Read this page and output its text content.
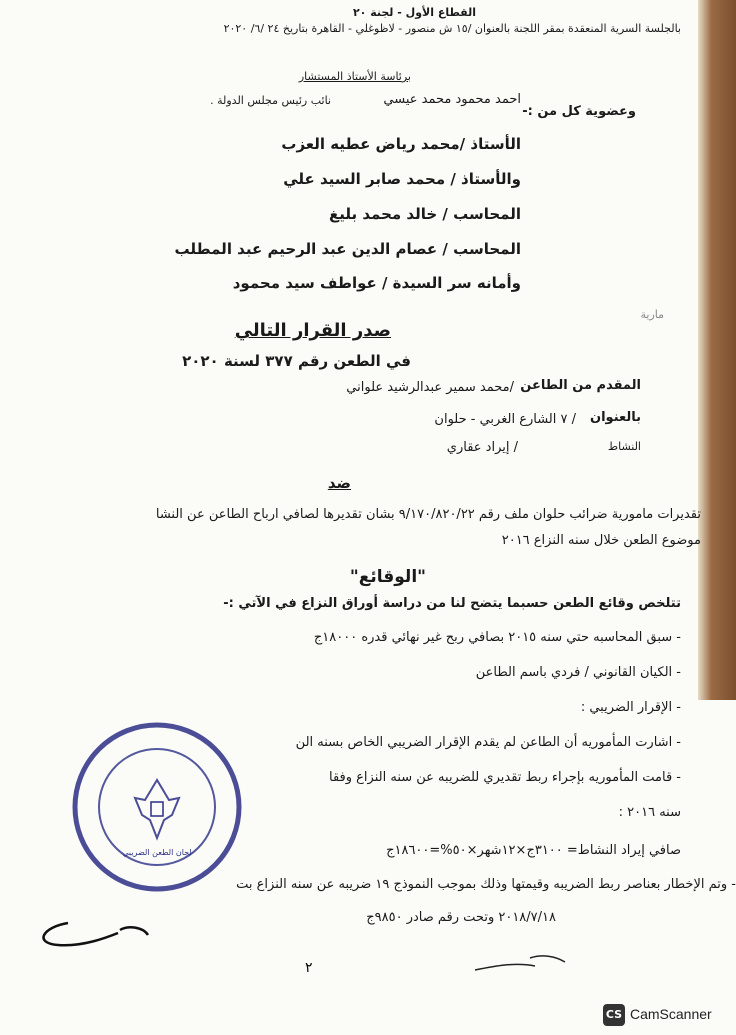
القطاع الأول - لجنة ٢٠
بالجلسة السرية المنعقدة بمقر اللجنة بالعنوان /١٥ ش منصور - لاظوغلي - القاهرة بتاريخ ٢٤ /٦/ ٢٠٢٠
برئاسة الأستاذ المستشار
احمد محمود محمد عيسي
نائب رئيس مجلس الدولة .
وعضوية كل من :-
الأستاذ /محمد رياض عطيه العزب
والأستاذ / محمد صابر السيد علي
المحاسب / خالد محمد بليغ
المحاسب / عصام الدين عبد الرحيم عبد المطلب
وأمانه سر السيدة / عواطف سيد محمود
مارية
صدر القرار التالي
في الطعن رقم ٣٧٧ لسنة ٢٠٢٠
المقدم من الطاعن
/محمد سمير عبدالرشيد علواني
بالعنوان
/ ٧ الشارع الغربي - حلوان
النشاط
/ إيراد عقاري
ضد
تقديرات مأمورية ضرائب حلوان ملف رقم ٩/١٧٠/٨٢٠/٢٢ بشان تقديرها لصافي ارباح الطاعن عن النشا
موضوع الطعن خلال سنه النزاع ٢٠١٦
"الوقائع"
تتلخص وقائع الطعن حسبما يتضح لنا من دراسة أوراق النزاع في الآتي :-
- سبق المحاسبه حتي سنه ٢٠١٥ بصافي ربح غير نهائي قدره ١٨٠٠٠ج
- الكيان القانوني / فردي باسم الطاعن
- الإقرار الضريبي :
- اشارت المأموريه أن الطاعن لم يقدم الإقرار الضريبي الخاص بسنه الن
- قامت المأموريه بإجراء ربط تقديري للضريبه عن سنه النزاع وفقا
سنه ٢٠١٦ :
صافي إيراد النشاط= ٣١٠٠ج×١٢شهر×٥٠%=١٨٦٠٠ج
- وتم الإخطار بعناصر ربط الضريبه وقيمتها وذلك بموجب النموذج ١٩ ضريبه عن سنه النزاع بت
٢٠١٨/٧/١٨ وتحت رقم صادر ٩٨٥٠ج
٢
لجان الطعن الضريبي
CS CamScanner
